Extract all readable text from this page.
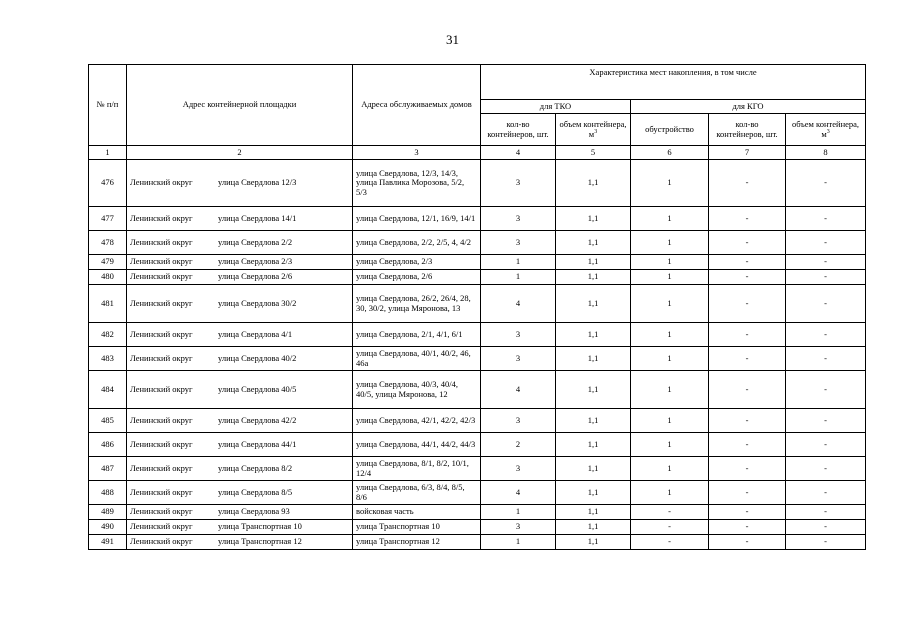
31
№ п/п	Адрес контейнерной площадки	Адреса обслуживаемых домов	Характеристика мест накопления, в том числе				
			для ТКО		для КГО		
			кол-во контейнеров, шт.	объем контейнера, $м^3$	обустройство	кол-во контейнеров, шт.	объем контейнера, $м^3$
1	2	3	4	5	6	7	8
476	Ленинский округ улица Свердлова 12/3	улица Свердлова, 12/3, 14/3, улица Павлика Морозова, 5/2, 5/3	3	1,1	1	-	-
477	Ленинский округ улица Свердлова 14/1	улица Свердлова, 12/1, 16/9, 14/1	3	1,1	1	-	-
478	Ленинский округ улица Свердлова 2/2	улица Свердлова, 2/2, 2/5, 4, 4/2	3	1,1	1	-	-
479	Ленинский округ улица Свердлова 2/3	улица Свердлова, 2/3	1	1,1	1	-	-
480	Ленинский округ улица Свердлова 2/6	улица Свердлова, 2/6	1	1,1	1	-	-
481	Ленинский округ улица Свердлова 30/2	улица Свердлова, 26/2, 26/4, 28, 30, 30/2, улица Мяронова, 13	4	1,1	1	-	-
482	Ленинский округ улица Свердлова 4/1	улица Свердлова, 2/1, 4/1, 6/1	3	1,1	1	-	-
483	Ленинский округ улица Свердлова 40/2	улица Свердлова, 40/1, 40/2, 46, 46а	3	1,1	1	-	-
484	Ленинский округ улица Свердлова 40/5	улица Свердлова, 40/3, 40/4, 40/5, улица Мяронова, 12	4	1,1	1	-	-
485	Ленинский округ улица Свердлова 42/2	улица Свердлова, 42/1, 42/2, 42/3	3	1,1	1	-	-
486	Ленинский округ улица Свердлова 44/1	улица Свердлова, 44/1, 44/2, 44/3	2	1,1	1	-	-
487	Ленинский округ улица Свердлова 8/2	улица Свердлова, 8/1, 8/2, 10/1, 12/4	3	1,1	1	-	-
488	Ленинский округ улица Свердлова 8/5	улица Свердлова, 6/3, 8/4, 8/5, 8/6	4	1,1	1	-	-
489	Ленинский округ улица Свердлова 93	войсковая часть	1	1,1	-	-	-
490	Ленинский округ улица Транспортная 10	улица Транспортная 10	3	1,1	-	-	-
491	Ленинский округ улица Транспортная 12	улица Транспортная 12	1	1,1	-	-	-
